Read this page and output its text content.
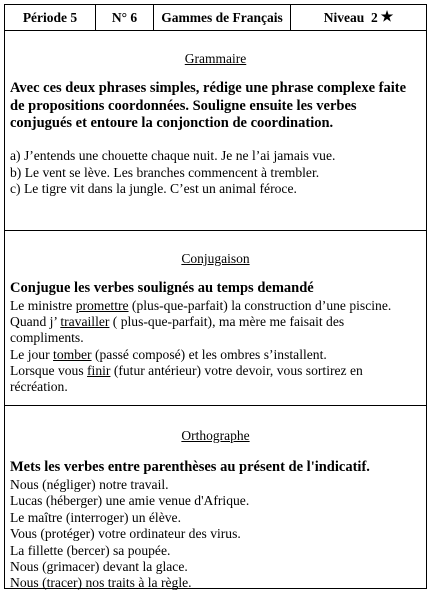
Période 5	N° 6 Gammes de Français	Niveau  2 ★
Grammaire
Avec ces deux phrases simples, rédige une phrase complexe faite de propositions coordonnées. Souligne ensuite les verbes conjugués et entoure la conjonction de coordination.
a) J’entends une chouette chaque nuit. Je ne l’ai jamais vue.
b) Le vent se lève. Les branches commencent à trembler.
c) Le tigre vit dans la jungle. C’est un animal féroce.
Conjugaison
Conjugue les verbes soulignés au temps demandé
Le ministre promettre (plus-que-parfait) la construction d’une piscine.
Quand j’ travailler ( plus-que-parfait), ma mère me faisait des compliments.
Le jour tomber (passé composé) et les ombres s’installent.
Lorsque vous finir (futur antérieur) votre devoir, vous sortirez en récréation.
Orthographe
Mets les verbes entre parenthèses au présent de l'indicatif.
Nous (négliger) notre travail.
Lucas (héberger) une amie venue d'Afrique.
Le maître (interroger) un élève.
Vous (protéger) votre ordinateur des virus.
La fillette (bercer) sa poupée.
Nous (grimacer) devant la glace.
Nous (tracer) nos traits à la règle.
